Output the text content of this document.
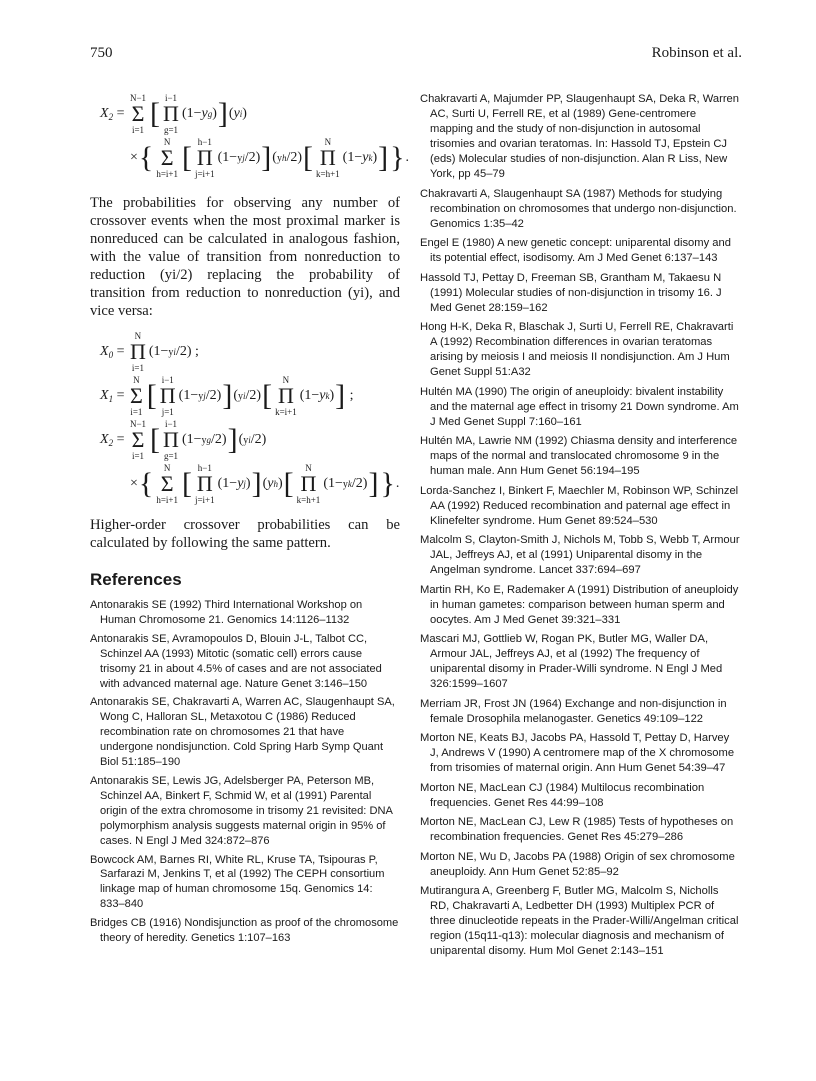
750	Robinson et al.
$X_2$ =
N−1
Σ
i=1 [ i−1
Π
g=1
(1− y g ) ] ( y i )
× { N
Σ
h=i+1 [ h−1
Π
j=i+1
(1− y j /2) ] ( y h /2) [ N
Π
k=h+1
(1− y k ) ] } .

The probabilities for observing any number of crossover events when the most proximal marker is nonreduced can be calculated in analogous fashion, with the value of transition from nonreduction to reduction (yi/2) replacing the probability of transition from reduction to nonreduction (yi), and vice versa:

$X_0$ =
N
Π
i=1
(1− y i /2) ;
$X_1$ =
N
Σ
i=1 [ i−1
Π
j=1
(1− y j /2) ] ( y i /2) [ N
Π
k=i+1
(1− y k ) ] ;
$X_2$ =
N−1
Σ
i=1 [ i−1
Π
g=1
(1− y g /2) ] ( y i /2)
× { N
Σ
h=i+1 [ h−1
Π
j=i+1
(1− y j ) ] ( y h ) [ N
Π
k=h+1
(1− y k /2) ] } .

Higher-order crossover probabilities can be calculated by following the same pattern.

References

Antonarakis SE (1992) Third International Workshop on Human Chromosome 21. Genomics 14:1126–1132

Antonarakis SE, Avramopoulos D, Blouin J-L, Talbot CC, Schinzel AA (1993) Mitotic (somatic cell) errors cause trisomy 21 in about 4.5% of cases and are not associated with advanced maternal age. Nature Genet 3:146–150

Antonarakis SE, Chakravarti A, Warren AC, Slaugenhaupt SA, Wong C, Halloran SL, Metaxotou C (1986) Reduced recombination rate on chromosomes 21 that have undergone nondisjunction. Cold Spring Harb Symp Quant Biol 51:185–190

Antonarakis SE, Lewis JG, Adelsberger PA, Peterson MB, Schinzel AA, Binkert F, Schmid W, et al (1991) Parental origin of the extra chromosome in trisomy 21 revisited: DNA polymorphism analysis suggests maternal origin in 95% of cases. N Engl J Med 324:872–876

Bowcock AM, Barnes RI, White RL, Kruse TA, Tsipouras P, Sarfarazi M, Jenkins T, et al (1992) The CEPH consortium linkage map of human chromosome 15q. Genomics 14: 833–840

Bridges CB (1916) Nondisjunction as proof of the chromosome theory of heredity. Genetics 1:107–163

Chakravarti A, Majumder PP, Slaugenhaupt SA, Deka R, Warren AC, Surti U, Ferrell RE, et al (1989) Gene-centromere mapping and the study of non-disjunction in autosomal trisomies and ovarian teratomas. In: Hassold TJ, Epstein CJ (eds) Molecular studies of non-disjunction. Alan R Liss, New York, pp 45–79

Chakravarti A, Slaugenhaupt SA (1987) Methods for studying recombination on chromosomes that undergo non-disjunction. Genomics 1:35–42

Engel E (1980) A new genetic concept: uniparental disomy and its potential effect, isodisomy. Am J Med Genet 6:137–143

Hassold TJ, Pettay D, Freeman SB, Grantham M, Takaesu N (1991) Molecular studies of non-disjunction in trisomy 16. J Med Genet 28:159–162

Hong H-K, Deka R, Blaschak J, Surti U, Ferrell RE, Chakravarti A (1992) Recombination differences in ovarian teratomas arising by meiosis I and meiosis II nondisjunction. Am J Hum Genet Suppl 51:A32

Hultén MA (1990) The origin of aneuploidy: bivalent instability and the maternal age effect in trisomy 21 Down syndrome. Am J Med Genet Suppl 7:160–161

Hultén MA, Lawrie NM (1992) Chiasma density and interference maps of the normal and translocated chromosome 9 in the human male. Ann Hum Genet 56:194–195

Lorda-Sanchez I, Binkert F, Maechler M, Robinson WP, Schinzel AA (1992) Reduced recombination and paternal age effect in Klinefelter syndrome. Hum Genet 89:524–530

Malcolm S, Clayton-Smith J, Nichols M, Tobb S, Webb T, Armour JAL, Jeffreys AJ, et al (1991) Uniparental disomy in the Angelman syndrome. Lancet 337:694–697

Martin RH, Ko E, Rademaker A (1991) Distribution of aneuploidy in human gametes: comparison between human sperm and oocytes. Am J Med Genet 39:321–331

Mascari MJ, Gottlieb W, Rogan PK, Butler MG, Waller DA, Armour JAL, Jeffreys AJ, et al (1992) The frequency of uniparental disomy in Prader-Willi syndrome. N Engl J Med 326:1599–1607

Merriam JR, Frost JN (1964) Exchange and non-disjunction in female Drosophila melanogaster. Genetics 49:109–122

Morton NE, Keats BJ, Jacobs PA, Hassold T, Pettay D, Harvey J, Andrews V (1990) A centromere map of the X chromosome from trisomies of maternal origin. Ann Hum Genet 54:39–47

Morton NE, MacLean CJ (1984) Multilocus recombination frequencies. Genet Res 44:99–108

Morton NE, MacLean CJ, Lew R (1985) Tests of hypotheses on recombination frequencies. Genet Res 45:279–286

Morton NE, Wu D, Jacobs PA (1988) Origin of sex chromosome aneuploidy. Ann Hum Genet 52:85–92

Mutirangura A, Greenberg F, Butler MG, Malcolm S, Nicholls RD, Chakravarti A, Ledbetter DH (1993) Multiplex PCR of three dinucleotide repeats in the Prader-Willi/Angelman critical region (15q11-q13): molecular diagnosis and mechanism of uniparental disomy. Hum Mol Genet 2:143–151
